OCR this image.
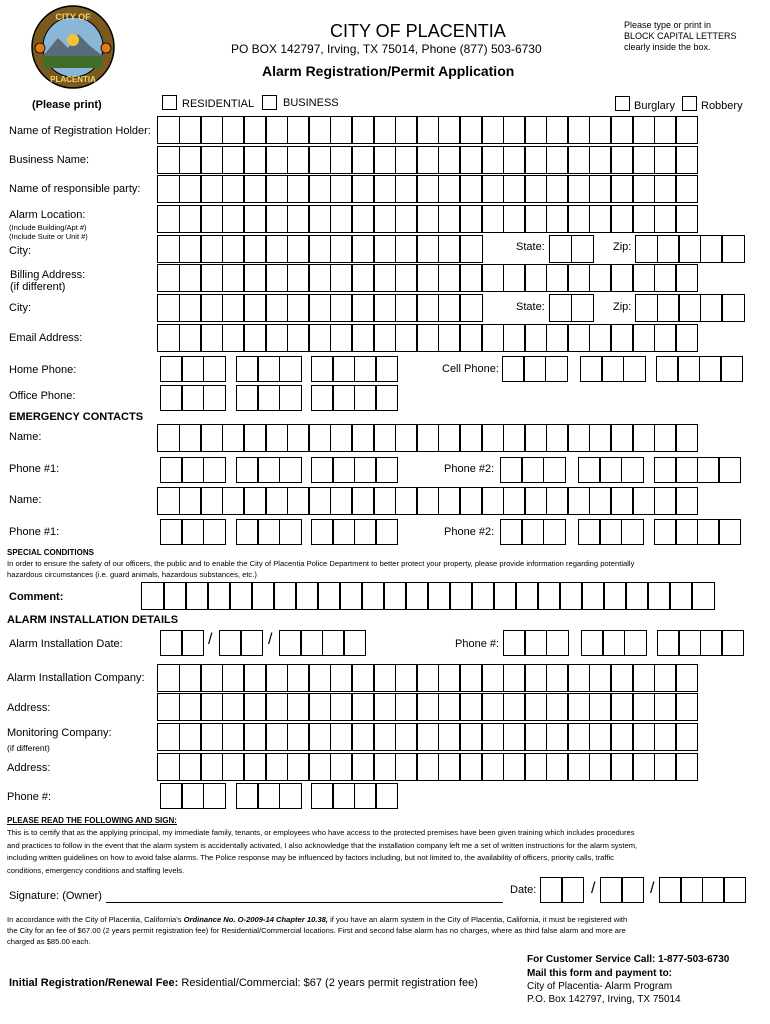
CITY OF
PLACENTIA
CITY OF PLACENTIA
PO BOX 142797, Irving, TX 75014, Phone (877) 503-6730
Alarm Registration/Permit Application
Please type or print in
BLOCK CAPITAL LETTERS
clearly inside the box.
(Please print)	RESIDENTIAL	BUSINESS	Burglary Robbery
Name of Registration Holder:
Business Name:
Name of responsible party:
Alarm Location:
(Include Building/Apt #)
(Include Suite or Unit #)
City:	State:	Zip:
Billing Address:
(if different)
City:	State:	Zip:
Email Address:
Home Phone:	Cell Phone:
Office Phone:
EMERGENCY CONTACTS
Name:
Phone #1:	Phone #2:
Name:
Phone #1:	Phone #2:
SPECIAL CONDITIONS
In order to ensure the safety of our officers, the public and to enable the City of Placentia Police Department to better protect your property, please provide information regarding potentially
hazardous circumstances (i.e. guard animals, hazardous substances, etc.)
Comment:
ALARM INSTALLATION DETAILS
Alarm Installation Date:	Phone #:
Alarm Installation Company:
Address:
Monitoring Company:
(if different)
Address:
Phone #:
PLEASE READ THE FOLLOWING AND SIGN:
This is to certify that as the applying principal, my immediate family, tenants, or employees who have access to the protected premises have been given training which includes procedures
and practices to follow in the event that the alarm system is accidentally activated, I also acknowledge that the installation company left me a set of written instructions for the alarm system,
including written guidelines on how to avoid false alarms. The Police response may be influenced by factors including, but not limited to, the availability of officers, priority calls, traffic
conditions, emergency conditions and staffing levels.
Signature: (Owner)	Date:
In accordance with the City of Placentia, California's Ordinance No. O-2009-14 Chapter 10.38, if you have an alarm system in the City of Placentia, California, it must be registered with
the City for an fee of $67.00 (2 years permit registration fee) for Residential/Commercial locations. First and second false alarm has no charges, where as third false alarm and more are
charged as $85.00 each.
Initial Registration/Renewal Fee: Residential/Commercial: $67 (2 years permit registration fee)
For Customer Service Call: 1-877-503-6730
Mail this form and payment to:
City of Placentia- Alarm Program
P.O. Box 142797, Irving, TX 75014
/	/
/	/
